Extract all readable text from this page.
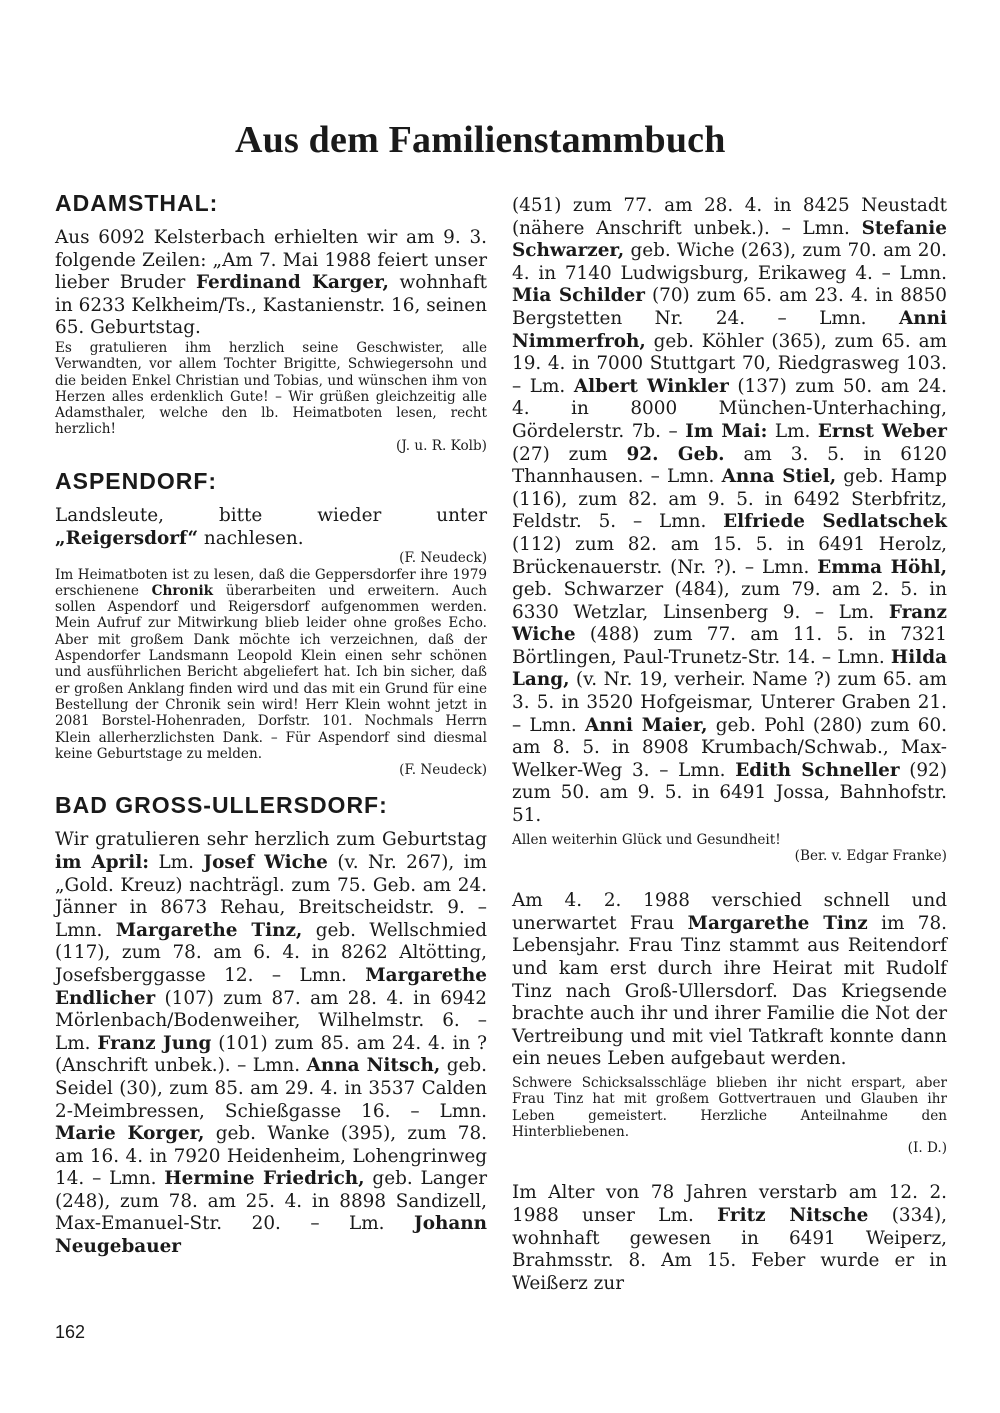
Aus dem Familienstammbuch
ADAMSTHAL:

Aus 6092 Kelsterbach erhielten wir am 9. 3. folgende Zeilen: „Am 7. Mai 1988 feiert unser lieber Bruder Ferdinand Karger, wohnhaft in 6233 Kelkheim/Ts., Kastanienstr. 16, seinen 65. Geburtstag.

Es gratulieren ihm herzlich seine Geschwister, alle Verwandten, vor allem Tochter Brigitte, Schwiegersohn und die beiden Enkel Christian und Tobias, und wünschen ihm von Herzen alles erdenklich Gute! – Wir grüßen gleichzeitig alle Adamsthaler, welche den lb. Heimatboten lesen, recht herzlich!

(J. u. R. Kolb)

ASPENDORF:

Landsleute, bitte wieder unter „Reigersdorf“ nachlesen.

(F. Neudeck)

Im Heimatboten ist zu lesen, daß die Geppersdorfer ihre 1979 erschienene Chronik überarbeiten und erweitern. Auch sollen Aspendorf und Reigersdorf aufgenommen werden. Mein Aufruf zur Mitwirkung blieb leider ohne großes Echo. Aber mit großem Dank möchte ich verzeichnen, daß der Aspendorfer Landsmann Leopold Klein einen sehr schönen und ausführlichen Bericht abgeliefert hat. Ich bin sicher, daß er großen Anklang finden wird und das mit ein Grund für eine Bestellung der Chronik sein wird! Herr Klein wohnt jetzt in 2081 Borstel-Hohenraden, Dorfstr. 101. Nochmals Herrn Klein allerherzlichsten Dank. – Für Aspendorf sind diesmal keine Geburtstage zu melden.

(F. Neudeck)

BAD GROSS-ULLERSDORF:

Wir gratulieren sehr herzlich zum Geburtstag im April: Lm. Josef Wiche (v. Nr. 267), im „Gold. Kreuz) nachträgl. zum 75. Geb. am 24. Jänner in 8673 Rehau, Breitscheidstr. 9. – Lmn. Margarethe Tinz, geb. Wellschmied (117), zum 78. am 6. 4. in 8262 Altötting, Josefsberggasse 12. – Lmn. Margarethe Endlicher (107) zum 87. am 28. 4. in 6942 Mörlenbach/Bodenweiher, Wilhelmstr. 6. – Lm. Franz Jung (101) zum 85. am 24. 4. in ? (Anschrift unbek.). – Lmn. Anna Nitsch, geb. Seidel (30), zum 85. am 29. 4. in 3537 Calden 2-Meimbressen, Schießgasse 16. – Lmn. Marie Korger, geb. Wanke (395), zum 78. am 16. 4. in 7920 Heidenheim, Lohengrinweg 14. – Lmn. Hermine Friedrich, geb. Langer (248), zum 78. am 25. 4. in 8898 Sandizell, Max-Emanuel-Str. 20. – Lm. Johann Neugebauer

(451) zum 77. am 28. 4. in 8425 Neustadt (nähere Anschrift unbek.). – Lmn. Stefanie Schwarzer, geb. Wiche (263), zum 70. am 20. 4. in 7140 Ludwigsburg, Erikaweg 4. – Lmn. Mia Schilder (70) zum 65. am 23. 4. in 8850 Bergstetten Nr. 24. – Lmn. Anni Nimmerfroh, geb. Köhler (365), zum 65. am 19. 4. in 7000 Stuttgart 70, Riedgrasweg 103. – Lm. Albert Winkler (137) zum 50. am 24. 4. in 8000 München-Unterhaching, Gördelerstr. 7b. – Im Mai: Lm. Ernst Weber (27) zum 92. Geb. am 3. 5. in 6120 Thannhausen. – Lmn. Anna Stiel, geb. Hamp (116), zum 82. am 9. 5. in 6492 Sterbfritz, Feldstr. 5. – Lmn. Elfriede Sedlatschek (112) zum 82. am 15. 5. in 6491 Herolz, Brückenauerstr. (Nr. ?). – Lmn. Emma Höhl, geb. Schwarzer (484), zum 79. am 2. 5. in 6330 Wetzlar, Linsenberg 9. – Lm. Franz Wiche (488) zum 77. am 11. 5. in 7321 Börtlingen, Paul-Trunetz-Str. 14. – Lmn. Hilda Lang, (v. Nr. 19, verheir. Name ?) zum 65. am 3. 5. in 3520 Hofgeismar, Unterer Graben 21. – Lmn. Anni Maier, geb. Pohl (280) zum 60. am 8. 5. in 8908 Krumbach/Schwab., Max-Welker-Weg 3. – Lmn. Edith Schneller (92) zum 50. am 9. 5. in 6491 Jossa, Bahnhofstr. 51.

Allen weiterhin Glück und Gesundheit!

(Ber. v. Edgar Franke)

Am 4. 2. 1988 verschied schnell und unerwartet Frau Margarethe Tinz im 78. Lebensjahr. Frau Tinz stammt aus Reitendorf und kam erst durch ihre Heirat mit Rudolf Tinz nach Groß-Ullersdorf. Das Kriegsende brachte auch ihr und ihrer Familie die Not der Vertreibung und mit viel Tatkraft konnte dann ein neues Leben aufgebaut werden.

Schwere Schicksalsschläge blieben ihr nicht erspart, aber Frau Tinz hat mit großem Gottvertrauen und Glauben ihr Leben gemeistert. Herzliche Anteilnahme den Hinterbliebenen.

(I. D.)

Im Alter von 78 Jahren verstarb am 12. 2. 1988 unser Lm. Fritz Nitsche (334), wohnhaft gewesen in 6491 Weiperz, Brahmsstr. 8. Am 15. Feber wurde er in Weißerz zur

162
